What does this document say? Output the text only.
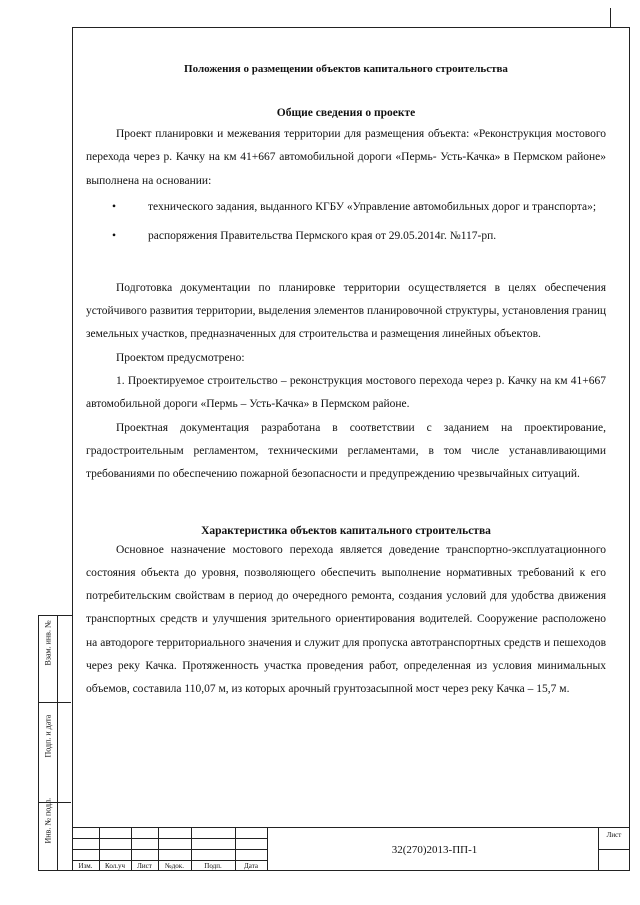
Положения о размещении объектов капитального строительства
Общие сведения о проекте

Проект планировки и межевания территории для размещения объекта: «Реконструкция мостового перехода через р. Качку на км 41+667 автомобильной дороги «Пермь- Усть-Качка» в Пермском районе» выполнена на основании:

•	технического задания, выданного КГБУ «Управление автомобильных дорог и транспорта»;
•	распоряжения Правительства Пермского края от 29.05.2014г. №117-рп.

Подготовка документации по планировке территории осуществляется в целях обеспечения устойчивого развития территории, выделения элементов планировочной структуры, установления границ земельных участков, предназначенных для строительства и размещения линейных объектов.

Проектом предусмотрено:

1. Проектируемое строительство – реконструкция мостового перехода через р. Качку на км 41+667 автомобильной дороги «Пермь – Усть-Качка» в Пермском районе.

Проектная документация разработана в соответствии с заданием на проектирование, градостроительным регламентом, техническими регламентами, в том числе устанавливающими требованиями по обеспечению пожарной безопасности и предупреждению чрезвычайных ситуаций.

Характеристика объектов капитального строительства

Основное назначение мостового перехода является доведение транспортно-эксплуатационного состояния объекта до уровня, позволяющего обеспечить выполнение нормативных требований к его потребительским свойствам в период до очередного ремонта, создания условий для удобства движения транспортных средств и улучшения зрительного ориентирования водителей. Сооружение расположено на автодороге территориального значения и служит для пропуска автотранспортных средств и пешеходов через реку Качка. Протяженность участка проведения работ, определенная из условия минимальных объемов, составила 110,07 м, из которых арочный грунтозасыпной мост через реку Качка – 15,7 м.

Взам. инв. №
Подп. и дата
Инв. № подл.
Изм.	Кол.уч	Лист	№док.	Подп.	Дата
32(270)2013-ПП-1
Лист
